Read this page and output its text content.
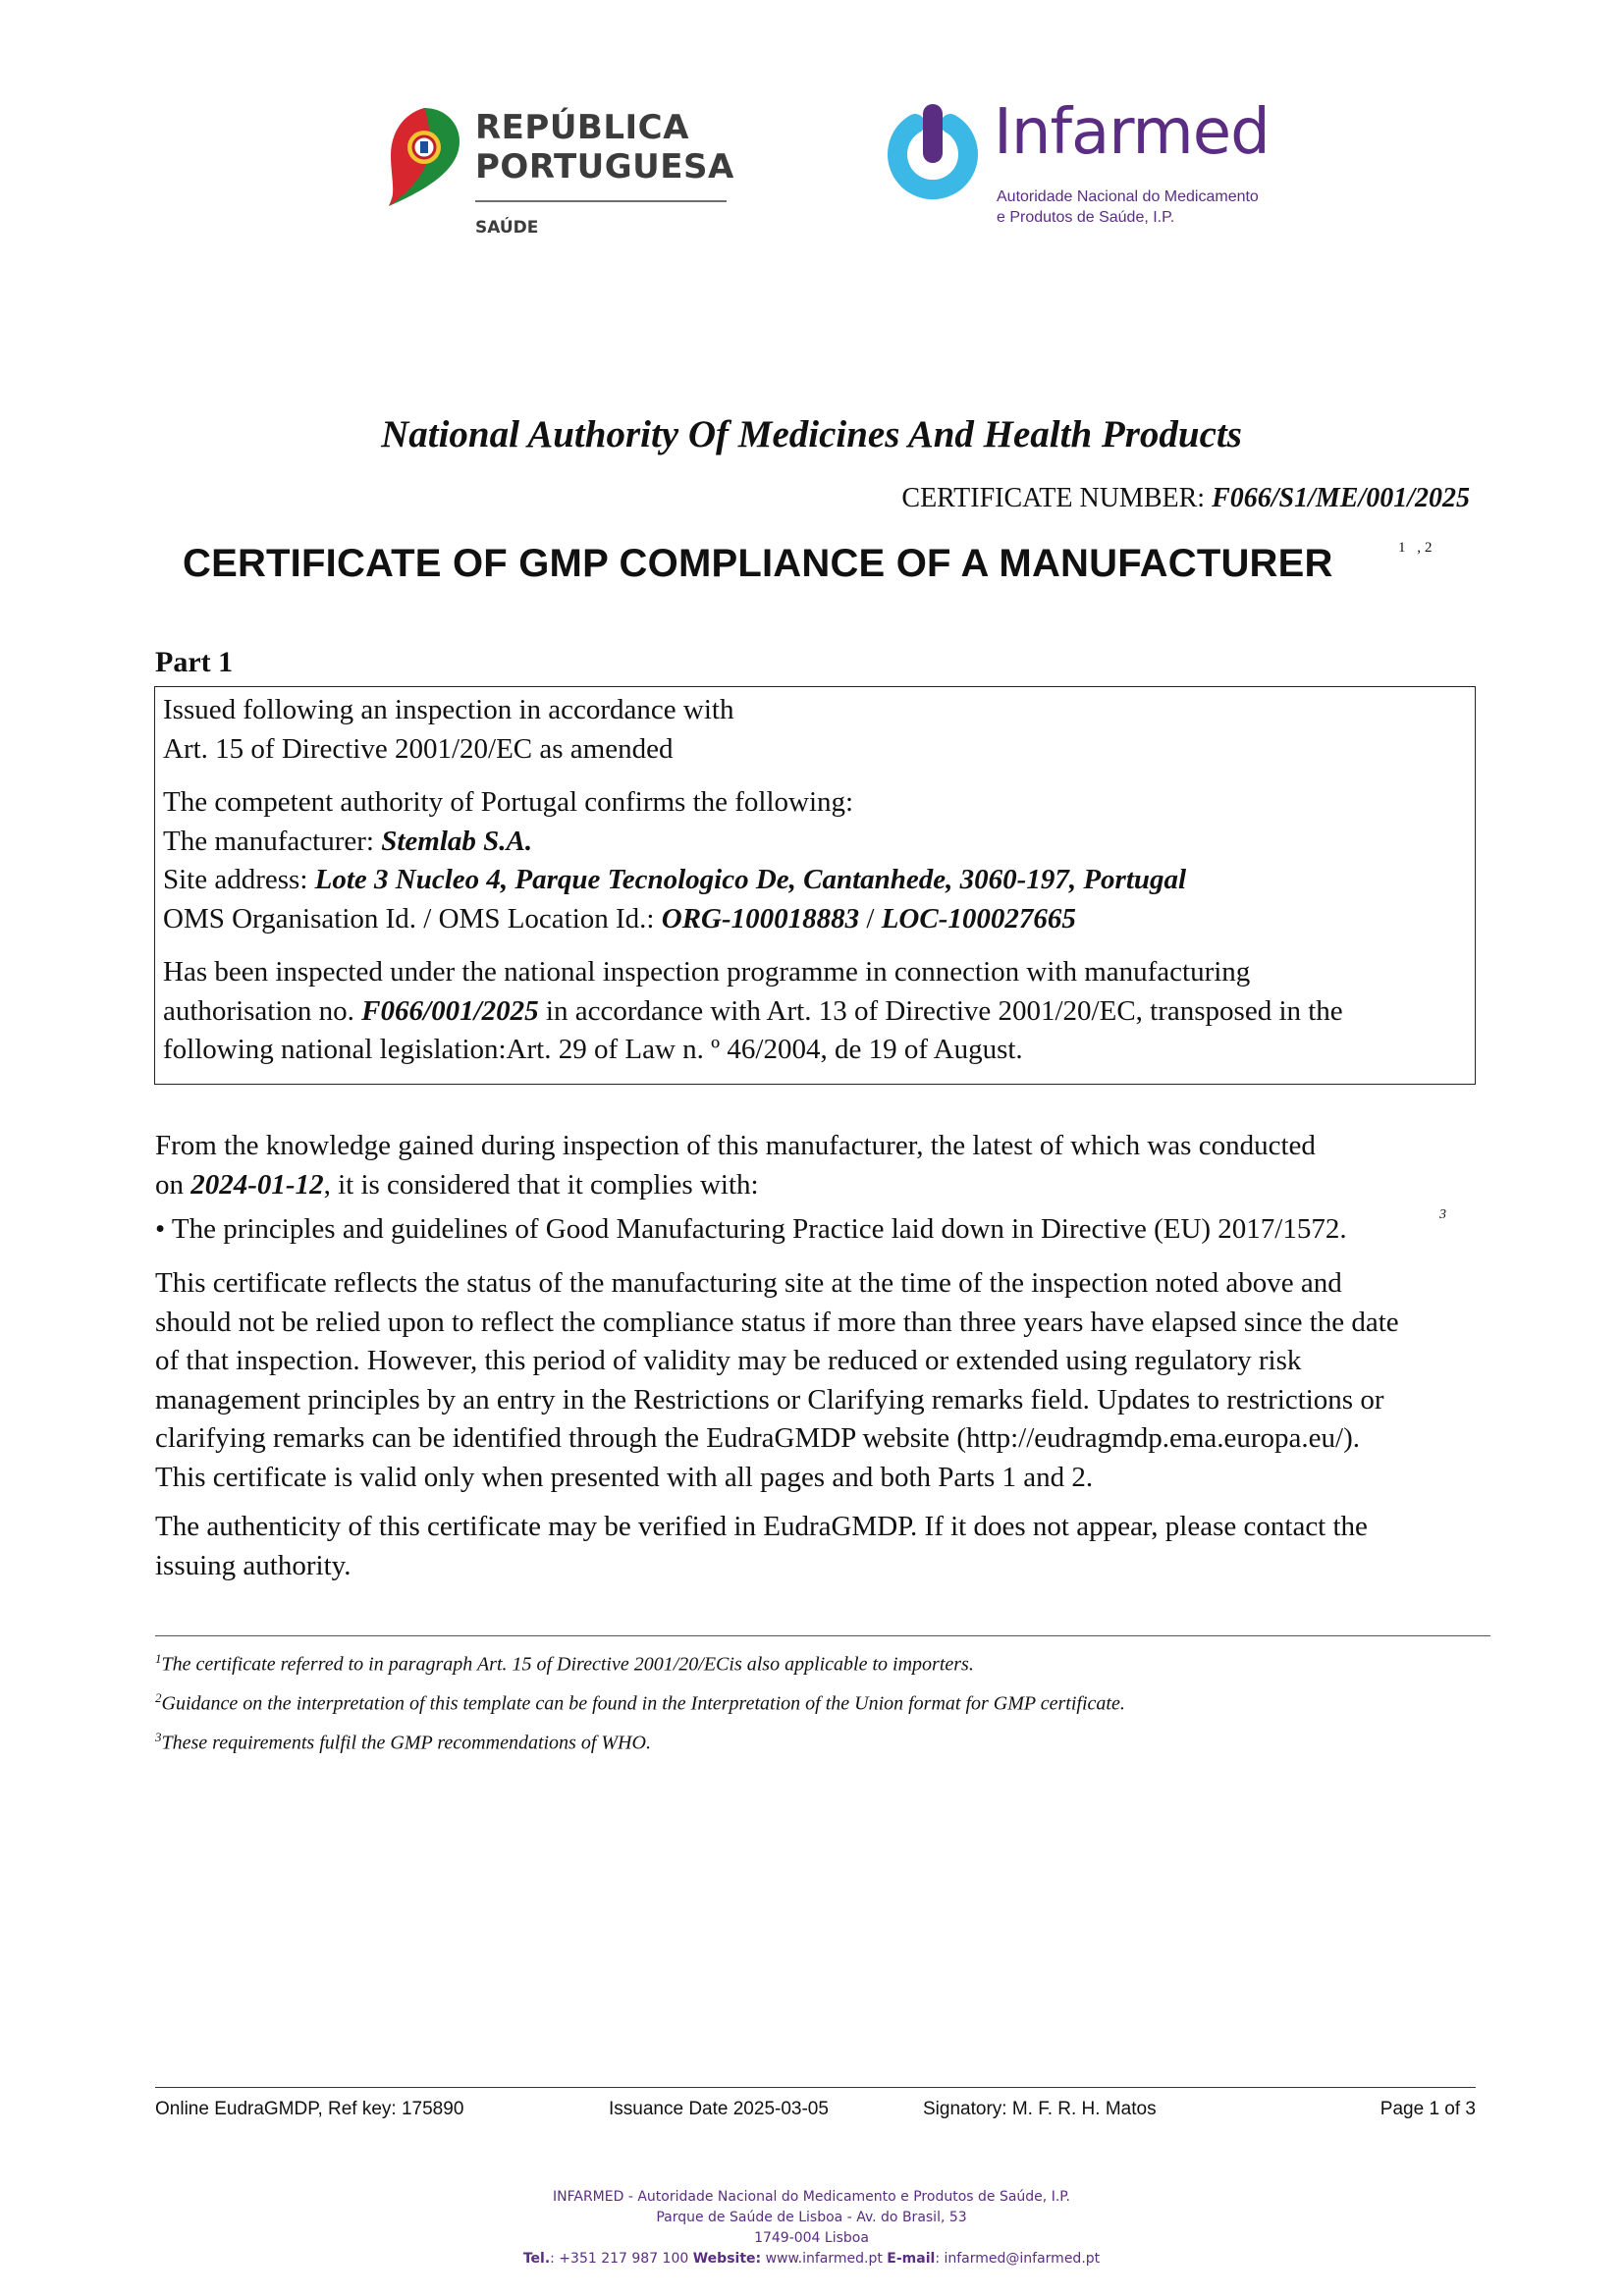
REPÚBLICA
PORTUGUESA
SAÚDE
Infarmed
Autoridade Nacional do Medicamento e Produtos de Saúde, I.P.
National Authority Of Medicines And Health Products
CERTIFICATE NUMBER: F066/S1/ME/001/2025
CERTIFICATE OF GMP COMPLIANCE OF A MANUFACTURER	1 ,2
Part 1

Issued following an inspection in accordance with

Art. 15 of Directive 2001/20/EC as amended

The competent authority of Portugal confirms the following:

The manufacturer: Stemlab S.A.

Site address: Lote 3 Nucleo 4, Parque Tecnologico De, Cantanhede, 3060-197, Portugal

OMS Organisation Id. / OMS Location Id.: ORG-100018883 / LOC-100027665

Has been inspected under the national inspection programme in connection with manufacturing

authorisation no. F066/001/2025 in accordance with Art. 13 of Directive 2001/20/EC, transposed in the

following national legislation:Art. 29 of Law n. º 46/2004, de 19 of August.

From the knowledge gained during inspection of this manufacturer, the latest of which was conducted

on 2024-01-12, it is considered that it complies with:

• The principles and guidelines of Good Manufacturing Practice laid down in Directive (EU) 2017/1572.	3

This certificate reflects the status of the manufacturing site at the time of the inspection noted above and

should not be relied upon to reflect the compliance status if more than three years have elapsed since the date

of that inspection. However, this period of validity may be reduced or extended using regulatory risk

management principles by an entry in the Restrictions or Clarifying remarks field. Updates to restrictions or

clarifying remarks can be identified through the EudraGMDP website (http://eudragmdp.ema.europa.eu/).

This certificate is valid only when presented with all pages and both Parts 1 and 2.

The authenticity of this certificate may be verified in EudraGMDP. If it does not appear, please contact the

issuing authority.

$^1$The certificate referred to in paragraph Art. 15 of Directive 2001/20/ECis also applicable to importers.
$^2$Guidance on the interpretation of this template can be found in the Interpretation of the Union format for GMP certificate.
$^3$These requirements fulfil the GMP recommendations of WHO.
Online EudraGMDP, Ref key: 175890	Issuance Date 2025-03-05	Signatory: M. F. R. H. Matos	Page 1 of 3
INFARMED - Autoridade Nacional do Medicamento e Produtos de Saúde, I.P.
Parque de Saúde de Lisboa - Av. do Brasil, 53
1749-004 Lisboa
Tel.: +351 217 987 100 Website: www.infarmed.pt E-mail: infarmed@infarmed.pt
